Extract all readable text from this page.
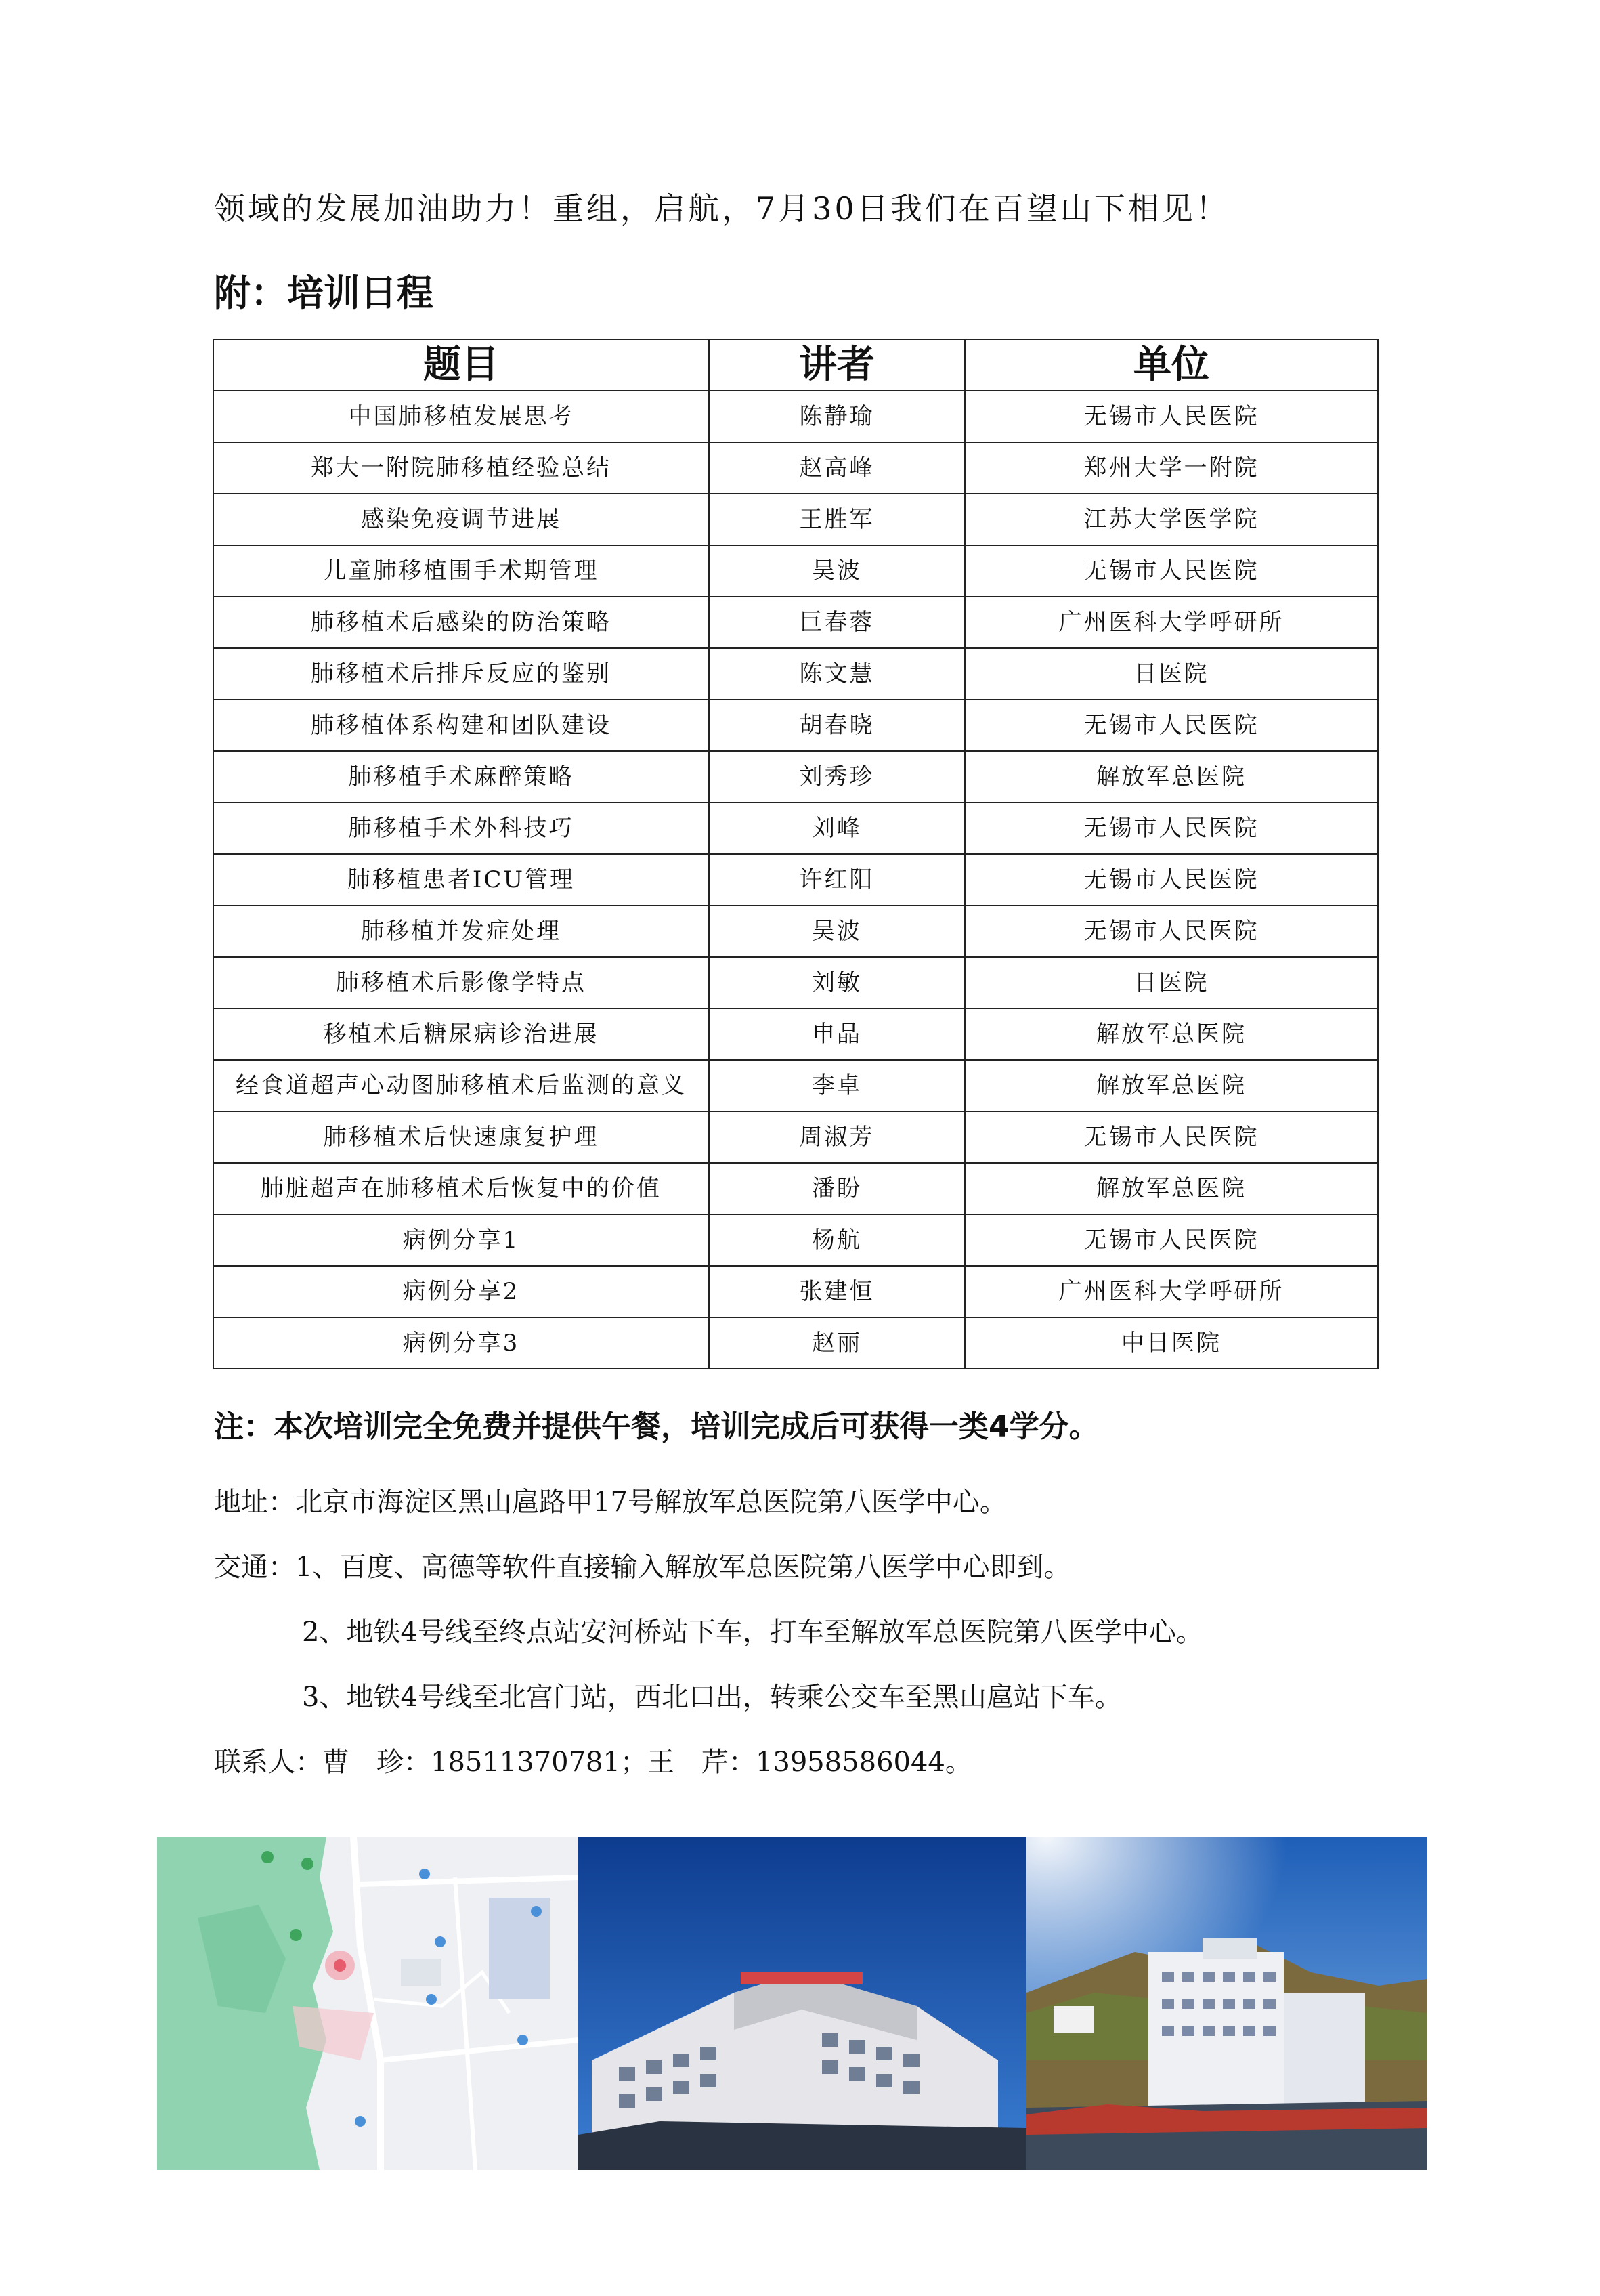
领域的发展加油助力！重组，启航，7月30日我们在百望山下相见！
附：培训日程
题目	讲者	单位
中国肺移植发展思考	陈静瑜	无锡市人民医院
郑大一附院肺移植经验总结	赵高峰	郑州大学一附院
感染免疫调节进展	王胜军	江苏大学医学院
儿童肺移植围手术期管理	吴波	无锡市人民医院
肺移植术后感染的防治策略	巨春蓉	广州医科大学呼研所
肺移植术后排斥反应的鉴别	陈文慧	日医院
肺移植体系构建和团队建设	胡春晓	无锡市人民医院
肺移植手术麻醉策略	刘秀珍	解放军总医院
肺移植手术外科技巧	刘峰	无锡市人民医院
肺移植患者ICU管理	许红阳	无锡市人民医院
肺移植并发症处理	吴波	无锡市人民医院
肺移植术后影像学特点	刘敏	日医院
移植术后糖尿病诊治进展	申晶	解放军总医院
经食道超声心动图肺移植术后监测的意义	李卓	解放军总医院
肺移植术后快速康复护理	周淑芳	无锡市人民医院
肺脏超声在肺移植术后恢复中的价值	潘盼	解放军总医院
病例分享1	杨航	无锡市人民医院
病例分享2	张建恒	广州医科大学呼研所
病例分享3	赵丽	中日医院
注：本次培训完全免费并提供午餐，培训完成后可获得一类4学分。
地址：北京市海淀区黑山扈路甲17号解放军总医院第八医学中心。
交通：1、百度、高德等软件直接输入解放军总医院第八医学中心即到。
2、地铁4号线至终点站安河桥站下车，打车至解放军总医院第八医学中心。
3、地铁4号线至北宫门站，西北口出，转乘公交车至黑山扈站下车。
联系人：曹　珍：18511370781；王　芹：13958586044。
